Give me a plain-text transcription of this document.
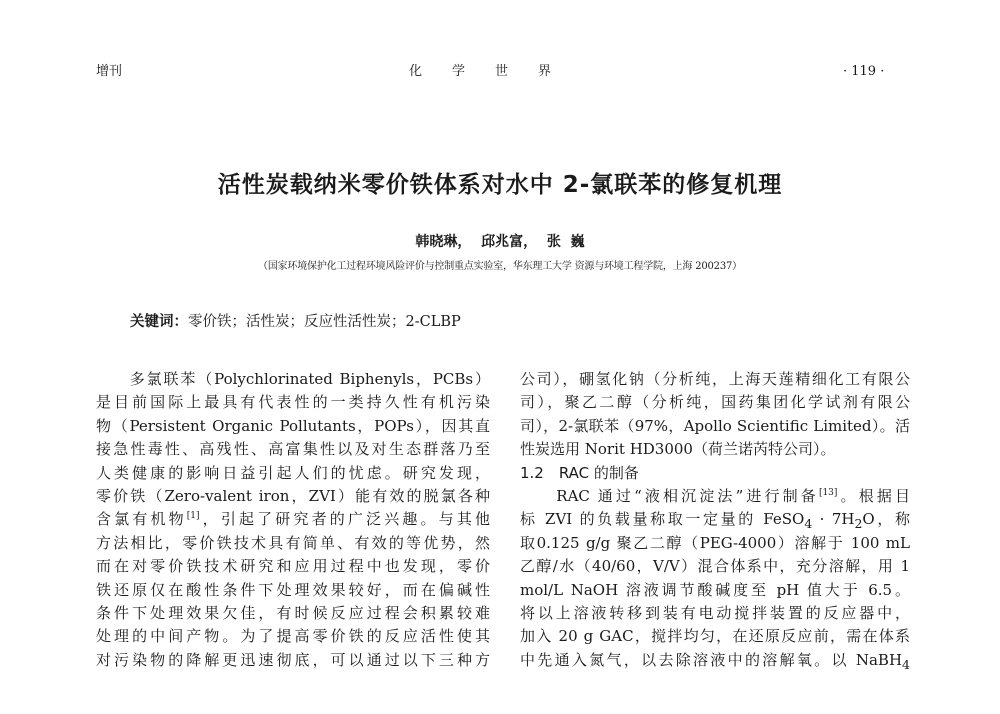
增刊	化 学 世 界	· 119 ·
活性炭载纳米零价铁体系对水中 2-氯联苯的修复机理
韩晓琳，  邱兆富，  张  巍
（国家环境保护化工过程环境风险评价与控制重点实验室，华东理工大学 资源与环境工程学院，上海 200237）
关键词：零价铁；活性炭；反应性活性炭；2-CLBP
　　多氯联苯（Polychlorinated Biphenyls，PCBs）
是目前国际上最具有代表性的一类持久性有机污染
物（Persistent Organic Pollutants，POPs），因其直
接急性毒性、高残性、高富集性以及对生态群落乃至
人类健康的影响日益引起人们的忧虑。研究发现，
零价铁（Zero-valent iron，ZVI）能有效的脱氯各种
含氯有机物[1]，引起了研究者的广泛兴趣。与其他
方法相比，零价铁技术具有简单、有效的等优势，然
而在对零价铁技术研究和应用过程中也发现，零价
铁还原仅在酸性条件下处理效果较好，而在偏碱性
条件下处理效果欠佳，有时候反应过程会积累较难
处理的中间产物。为了提高零价铁的反应活性使其
对污染物的降解更迅速彻底，可以通过以下三种方
公司），硼氢化钠（分析纯，上海天莲精细化工有限公
司），聚乙二醇（分析纯，国药集团化学试剂有限公
司），2-氯联苯（97%，Apollo Scientific Limited）。活
性炭选用 Norit HD3000（荷兰诺芮特公司）。
1.2　RAC 的制备
　　RAC 通过“液相沉淀法”进行制备[13]。根据目
标 ZVI 的负载量称取一定量的 FeSO$_4$ · $7H_2O$，称
取0.125 g/g 聚乙二醇（PEG-4000）溶解于 100 mL
乙醇/水（40/60，V/V）混合体系中，充分溶解，用 1
mol/L NaOH 溶液调节酸碱度至 pH 值大于 6.5。
将以上溶液转移到装有电动搅拌装置的反应器中，
加入 20 g GAC，搅拌均匀，在还原反应前，需在体系
中先通入氮气，以去除溶液中的溶解氧。以 NaBH$_4$
